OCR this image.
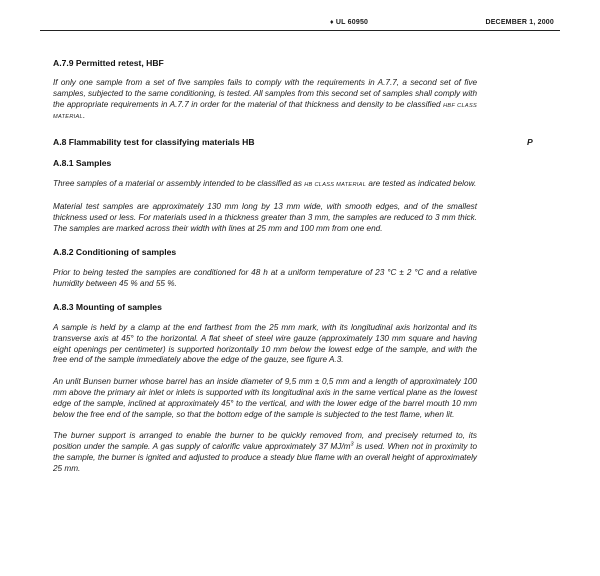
♦ UL 60950	DECEMBER 1, 2000
A.7.9 Permitted retest, HBF

If only one sample from a set of five samples fails to comply with the requirements in A.7.7, a second set of five samples, subjected to the same conditioning, is tested. All samples from this second set of samples shall comply with the appropriate requirements in A.7.7 in order for the material of that thickness and density to be classified HBF CLASS MATERIAL.

A.8 Flammability test for classifying materials HB	P
A.8.1 Samples

Three samples of a material or assembly intended to be classified as HB CLASS MATERIAL are tested as indicated below.

Material test samples are approximately 130 mm long by 13 mm wide, with smooth edges, and of the smallest thickness used or less. For materials used in a thickness greater than 3 mm, the samples are reduced to 3 mm thick. The samples are marked across their width with lines at 25 mm and 100 mm from one end.

A.8.2 Conditioning of samples

Prior to being tested the samples are conditioned for 48 h at a uniform temperature of 23 °C ± 2 °C and a relative humidity between 45 % and 55 %.

A.8.3 Mounting of samples

A sample is held by a clamp at the end farthest from the 25 mm mark, with its longitudinal axis horizontal and its transverse axis at 45° to the horizontal. A flat sheet of steel wire gauze (approximately 130 mm square and having eight openings per centimeter) is supported horizontally 10 mm below the lowest edge of the sample, and with the free end of the sample immediately above the edge of the gauze, see figure A.3.

An unlit Bunsen burner whose barrel has an inside diameter of 9,5 mm ± 0,5 mm and a length of approximately 100 mm above the primary air inlet or inlets is supported with its longitudinal axis in the same vertical plane as the lowest edge of the sample, inclined at approximately 45° to the vertical, and with the lower edge of the barrel mouth 10 mm below the free end of the sample, so that the bottom edge of the sample is subjected to the test flame, when lit.

The burner support is arranged to enable the burner to be quickly removed from, and precisely returned to, its position under the sample. A gas supply of calorific value approximately 37 $MJ/m^3$ is used. When not in proximity to the sample, the burner is ignited and adjusted to produce a steady blue flame with an overall height of approximately 25 mm.
